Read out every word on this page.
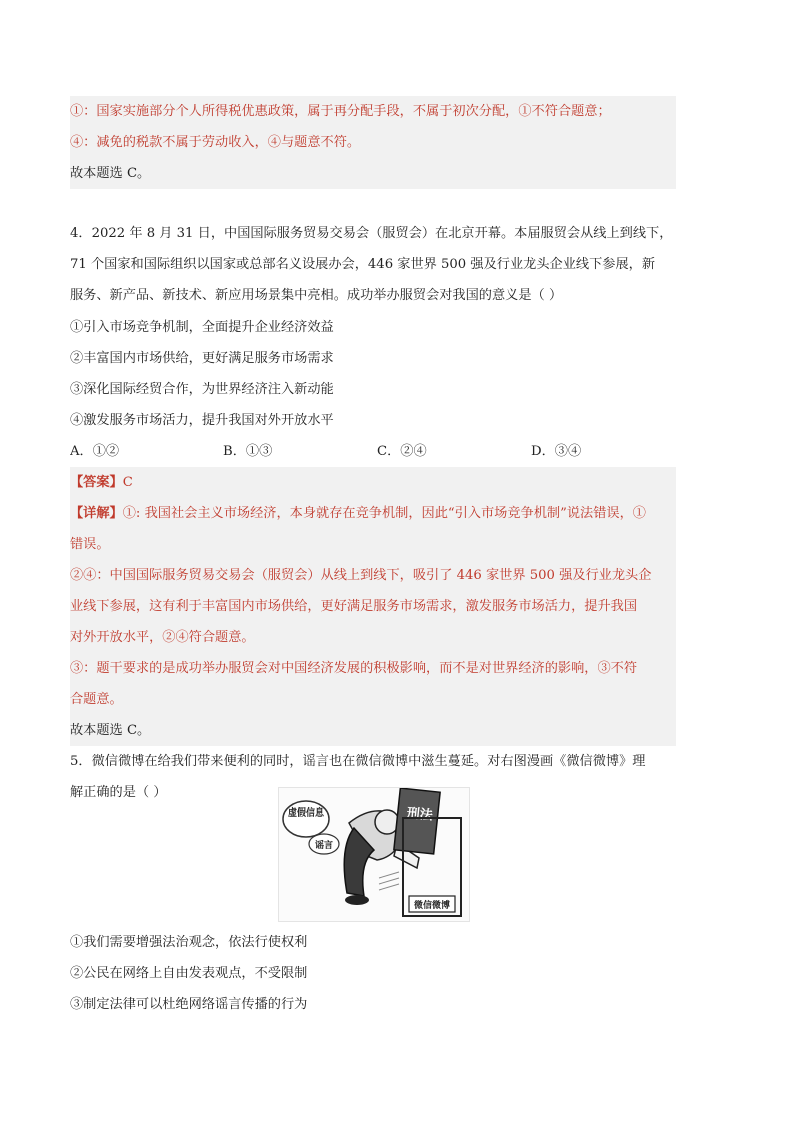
①：国家实施部分个人所得税优惠政策，属于再分配手段，不属于初次分配，①不符合题意；
④：减免的税款不属于劳动收入，④与题意不符。
故本题选 C。
4．2022 年 8 月 31 日，中国国际服务贸易交易会（服贸会）在北京开幕。本届服贸会从线上到线下，
71 个国家和国际组织以国家或总部名义设展办会，446 家世界 500 强及行业龙头企业线下参展，新
服务、新产品、新技术、新应用场景集中亮相。成功举办服贸会对我国的意义是（ ）
①引入市场竞争机制，全面提升企业经济效益
②丰富国内市场供给，更好满足服务市场需求
③深化国际经贸合作，为世界经济注入新动能
④激发服务市场活力，提升我国对外开放水平
A．①②	B．①③	C．②④	D．③④
【答案】C
【详解】①: 我国社会主义市场经济，本身就存在竞争机制，因此“引入市场竞争机制”说法错误，①
错误。
②④：中国国际服务贸易交易会（服贸会）从线上到线下，吸引了 446 家世界 500 强及行业龙头企
业线下参展，这有利于丰富国内市场供给，更好满足服务市场需求，激发服务市场活力，提升我国
对外开放水平，②④符合题意。
③：题干要求的是成功举办服贸会对中国经济发展的积极影响，而不是对世界经济的影响，③不符
合题意。
故本题选 C。
5．微信微博在给我们带来便利的同时，谣言也在微信微博中滋生蔓延。对右图漫画《微信微博》理
解正确的是（ ）
虚假信息
谣言
刑法
微信微博
①我们需要增强法治观念，依法行使权利
②公民在网络上自由发表观点，不受限制
③制定法律可以杜绝网络谣言传播的行为
